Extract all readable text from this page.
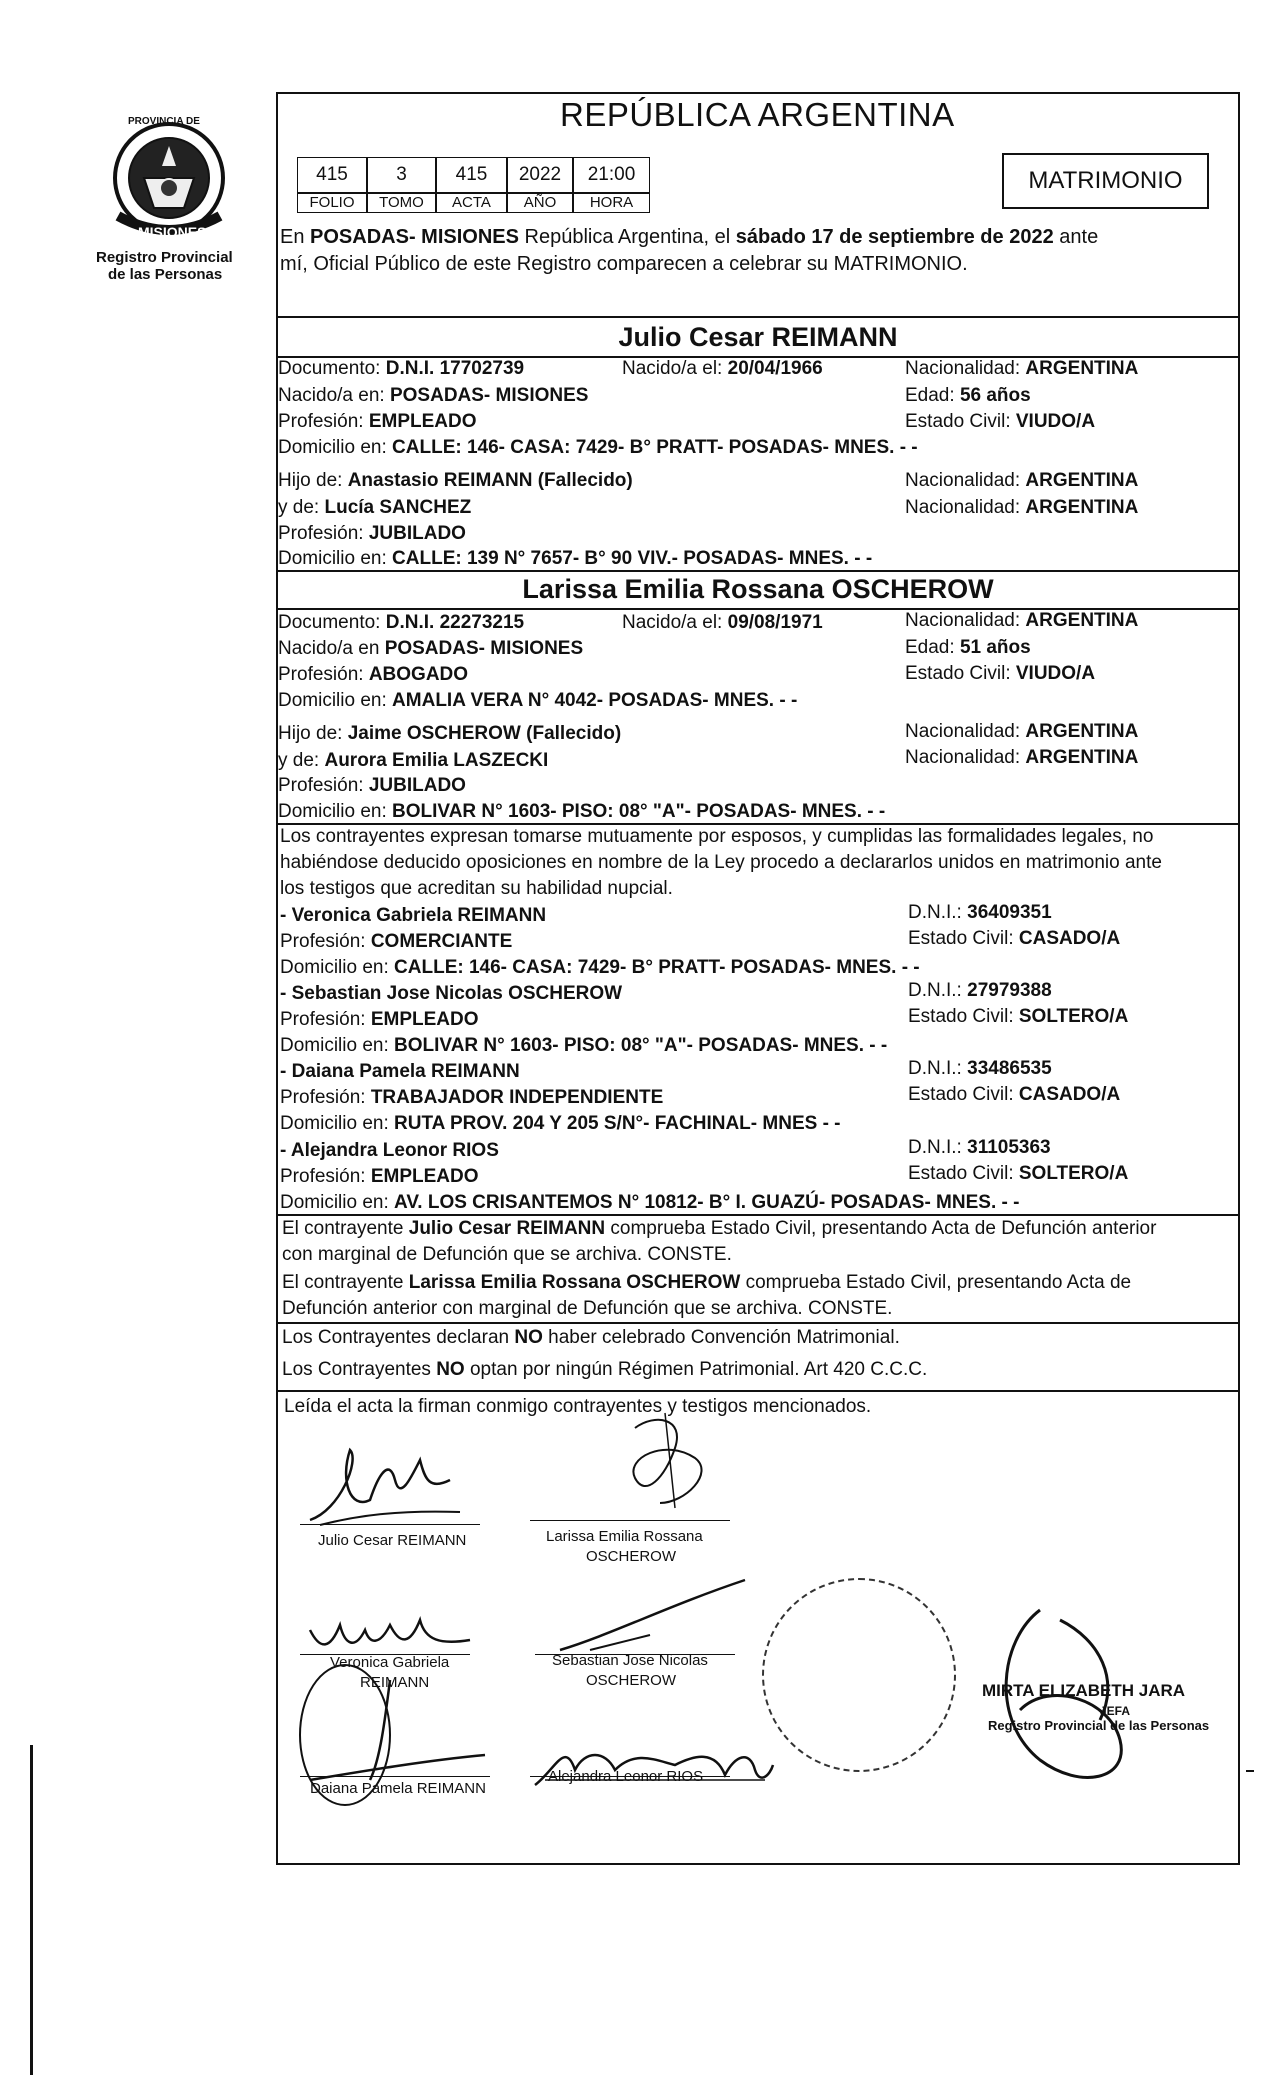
PROVINCIA DE
MISIONES
Registro Provincial
de las Personas
REPÚBLICA ARGENTINA
415	3	415	2022	21:00
FOLIO	TOMO	ACTA	AÑO	HORA
MATRIMONIO
En POSADAS- MISIONES República Argentina, el sábado 17 de septiembre de 2022 ante
mí, Oficial Público de este Registro comparecen a celebrar su MATRIMONIO.
Julio Cesar REIMANN
Documento: D.N.I. 17702739	Nacido/a el: 20/04/1966	Nacionalidad: ARGENTINA
Nacido/a en: POSADAS- MISIONES	Edad: 56 años
Profesión: EMPLEADO	Estado Civil: VIUDO/A
Domicilio en: CALLE: 146- CASA: 7429- B° PRATT- POSADAS- MNES. - -
Hijo de: Anastasio REIMANN (Fallecido)	Nacionalidad: ARGENTINA
y de: Lucía SANCHEZ	Nacionalidad: ARGENTINA
Profesión: JUBILADO
Domicilio en: CALLE: 139 N° 7657- B° 90 VIV.- POSADAS- MNES. - -
Larissa Emilia Rossana OSCHEROW
Documento: D.N.I. 22273215	Nacido/a el: 09/08/1971	Nacionalidad: ARGENTINA
Nacido/a en POSADAS- MISIONES	Edad: 51 años
Profesión: ABOGADO	Estado Civil: VIUDO/A
Domicilio en: AMALIA VERA N° 4042- POSADAS- MNES. - -
Hijo de: Jaime OSCHEROW (Fallecido)	Nacionalidad: ARGENTINA
y de: Aurora Emilia LASZECKI	Nacionalidad: ARGENTINA
Profesión: JUBILADO
Domicilio en: BOLIVAR N° 1603- PISO: 08° "A"- POSADAS- MNES. - -
Los contrayentes expresan tomarse mutuamente por esposos, y cumplidas las formalidades legales, no
habiéndose deducido oposiciones en nombre de la Ley procedo a declararlos unidos en matrimonio ante
los testigos que acreditan su habilidad nupcial.
- Veronica Gabriela REIMANN	D.N.I.: 36409351
Profesión: COMERCIANTE	Estado Civil: CASADO/A
Domicilio en: CALLE: 146- CASA: 7429- B° PRATT- POSADAS- MNES. - -
- Sebastian Jose Nicolas OSCHEROW	D.N.I.: 27979388
Profesión: EMPLEADO	Estado Civil: SOLTERO/A
Domicilio en: BOLIVAR N° 1603- PISO: 08° "A"- POSADAS- MNES. - -
- Daiana Pamela REIMANN	D.N.I.: 33486535
Profesión: TRABAJADOR INDEPENDIENTE	Estado Civil: CASADO/A
Domicilio en: RUTA PROV. 204 Y 205 S/N°- FACHINAL- MNES - -
- Alejandra Leonor RIOS	D.N.I.: 31105363
Profesión: EMPLEADO	Estado Civil: SOLTERO/A
Domicilio en: AV. LOS CRISANTEMOS N° 10812- B° I. GUAZÚ- POSADAS- MNES. - -
El contrayente Julio Cesar REIMANN comprueba Estado Civil, presentando Acta de Defunción anterior
con marginal de Defunción que se archiva. CONSTE.
El contrayente Larissa Emilia Rossana OSCHEROW comprueba Estado Civil, presentando Acta de
Defunción anterior con marginal de Defunción que se archiva. CONSTE.
Los Contrayentes declaran NO haber celebrado Convención Matrimonial.
Los Contrayentes NO optan por ningún Régimen Patrimonial. Art 420 C.C.C.
Leída el acta la firman conmigo contrayentes y testigos mencionados.
Julio Cesar REIMANN	Larissa Emilia Rossana
OSCHEROW
Veronica Gabriela
REIMANN
Sebastian Jose Nicolas
OSCHEROW
Daiana Pamela REIMANN
Alejandra Leonor RIOS
MIRTA ELIZABETH JARA
JEFA
Registro Provincial de las Personas
